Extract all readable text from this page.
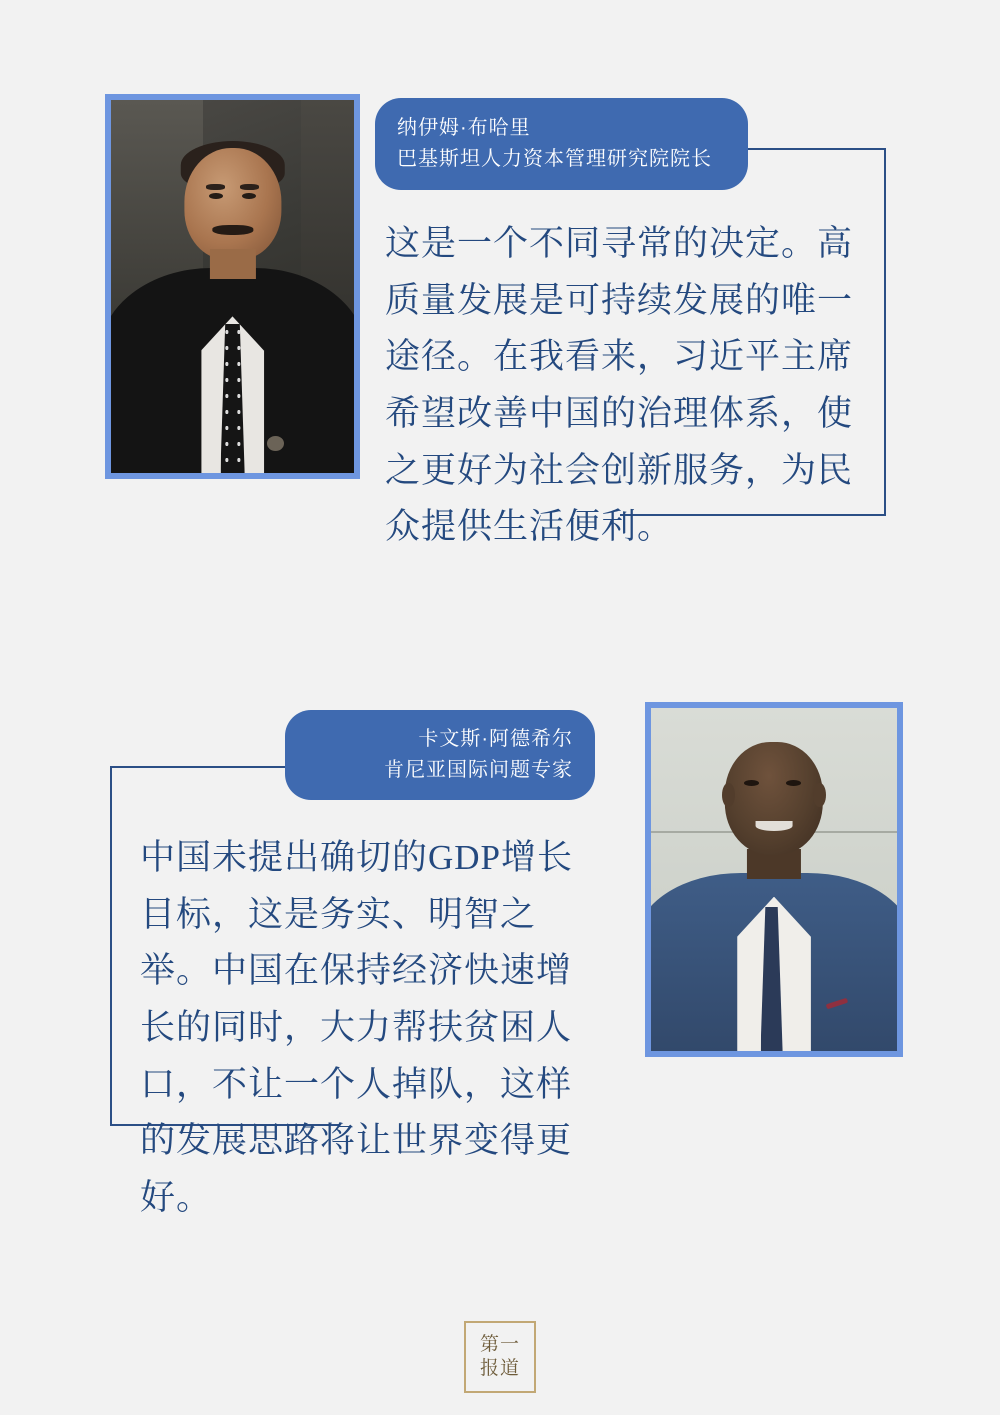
纳伊姆·布哈里
巴基斯坦人力资本管理研究院院长
这是一个不同寻常的决定。高质量发展是可持续发展的唯一途径。在我看来，习近平主席希望改善中国的治理体系，使之更好为社会创新服务，为民众提供生活便利。
卡文斯·阿德希尔
肯尼亚国际问题专家
中国未提出确切的GDP增长目标，这是务实、明智之举。中国在保持经济快速增长的同时，大力帮扶贫困人口，不让一个人掉队，这样的发展思路将让世界变得更好。
第一
报道
